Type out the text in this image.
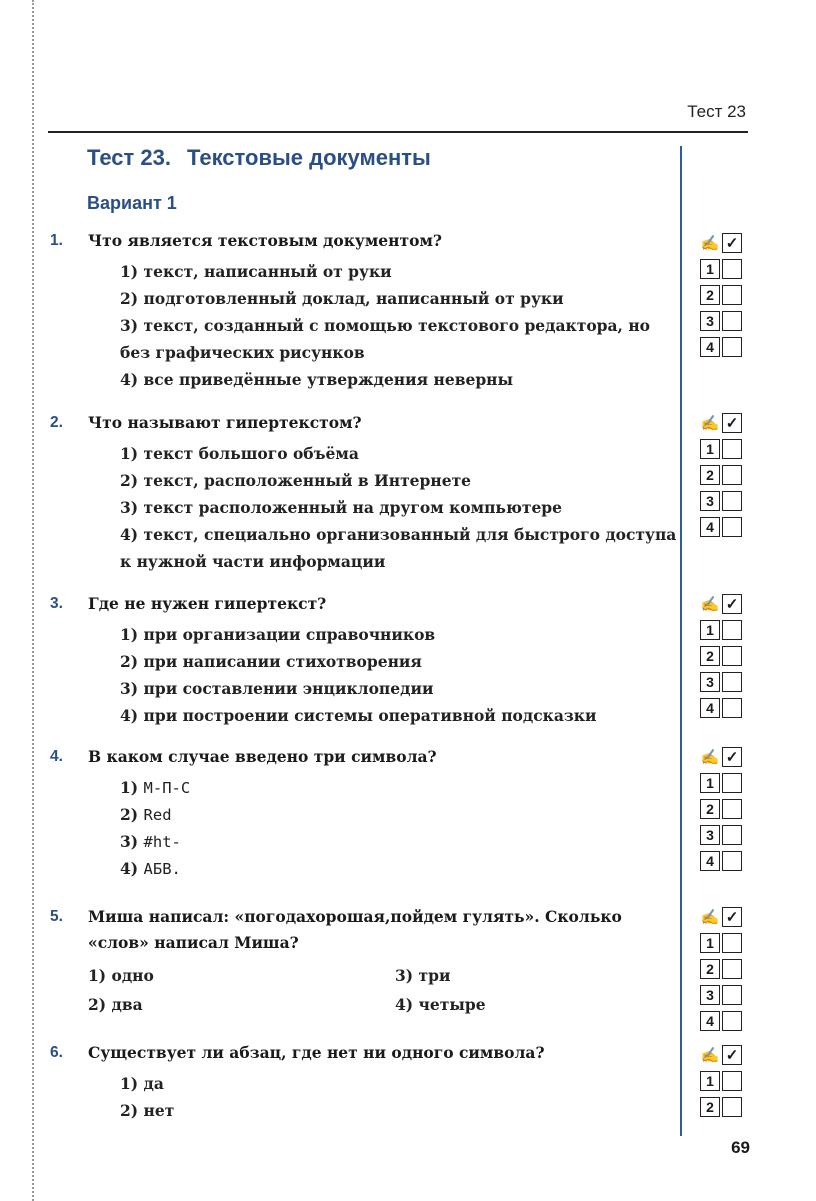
Тест 23
Тест 23. Текстовые документы
Вариант 1
1. Что является текстовым документом?
1) текст, написанный от руки
2) подготовленный доклад, написанный от руки
3) текст, созданный с помощью текстового редактора, но
без графических рисунков
4) все приведённые утверждения неверны
2. Что называют гипертекстом?
1) текст большого объёма
2) текст, расположенный в Интернете
3) текст расположенный на другом компьютере
4) текст, специально организованный для быстрого доступа
к нужной части информации
3. Где не нужен гипертекст?
1) при организации справочников
2) при написании стихотворения
3) при составлении энциклопедии
4) при построении системы оперативной подсказки
4. В каком случае введено три символа?
1) М-П-С
2) Red
3) #ht-
4) АБВ.
5. Миша написал: «погодахорошая,пойдем гулять». Сколько
«слов» написал Миша?
1) одно	3) три
2) два	4) четыре
6. Существует ли абзац, где нет ни одного символа?
1) да
2) нет
✍ ✓
1
2
3
4
✍ ✓
1
2
3
4
✍ ✓
1
2
3
4
✍ ✓
1
2
3
4
✍ ✓
1
2
3
4
✍ ✓
1
2
69
